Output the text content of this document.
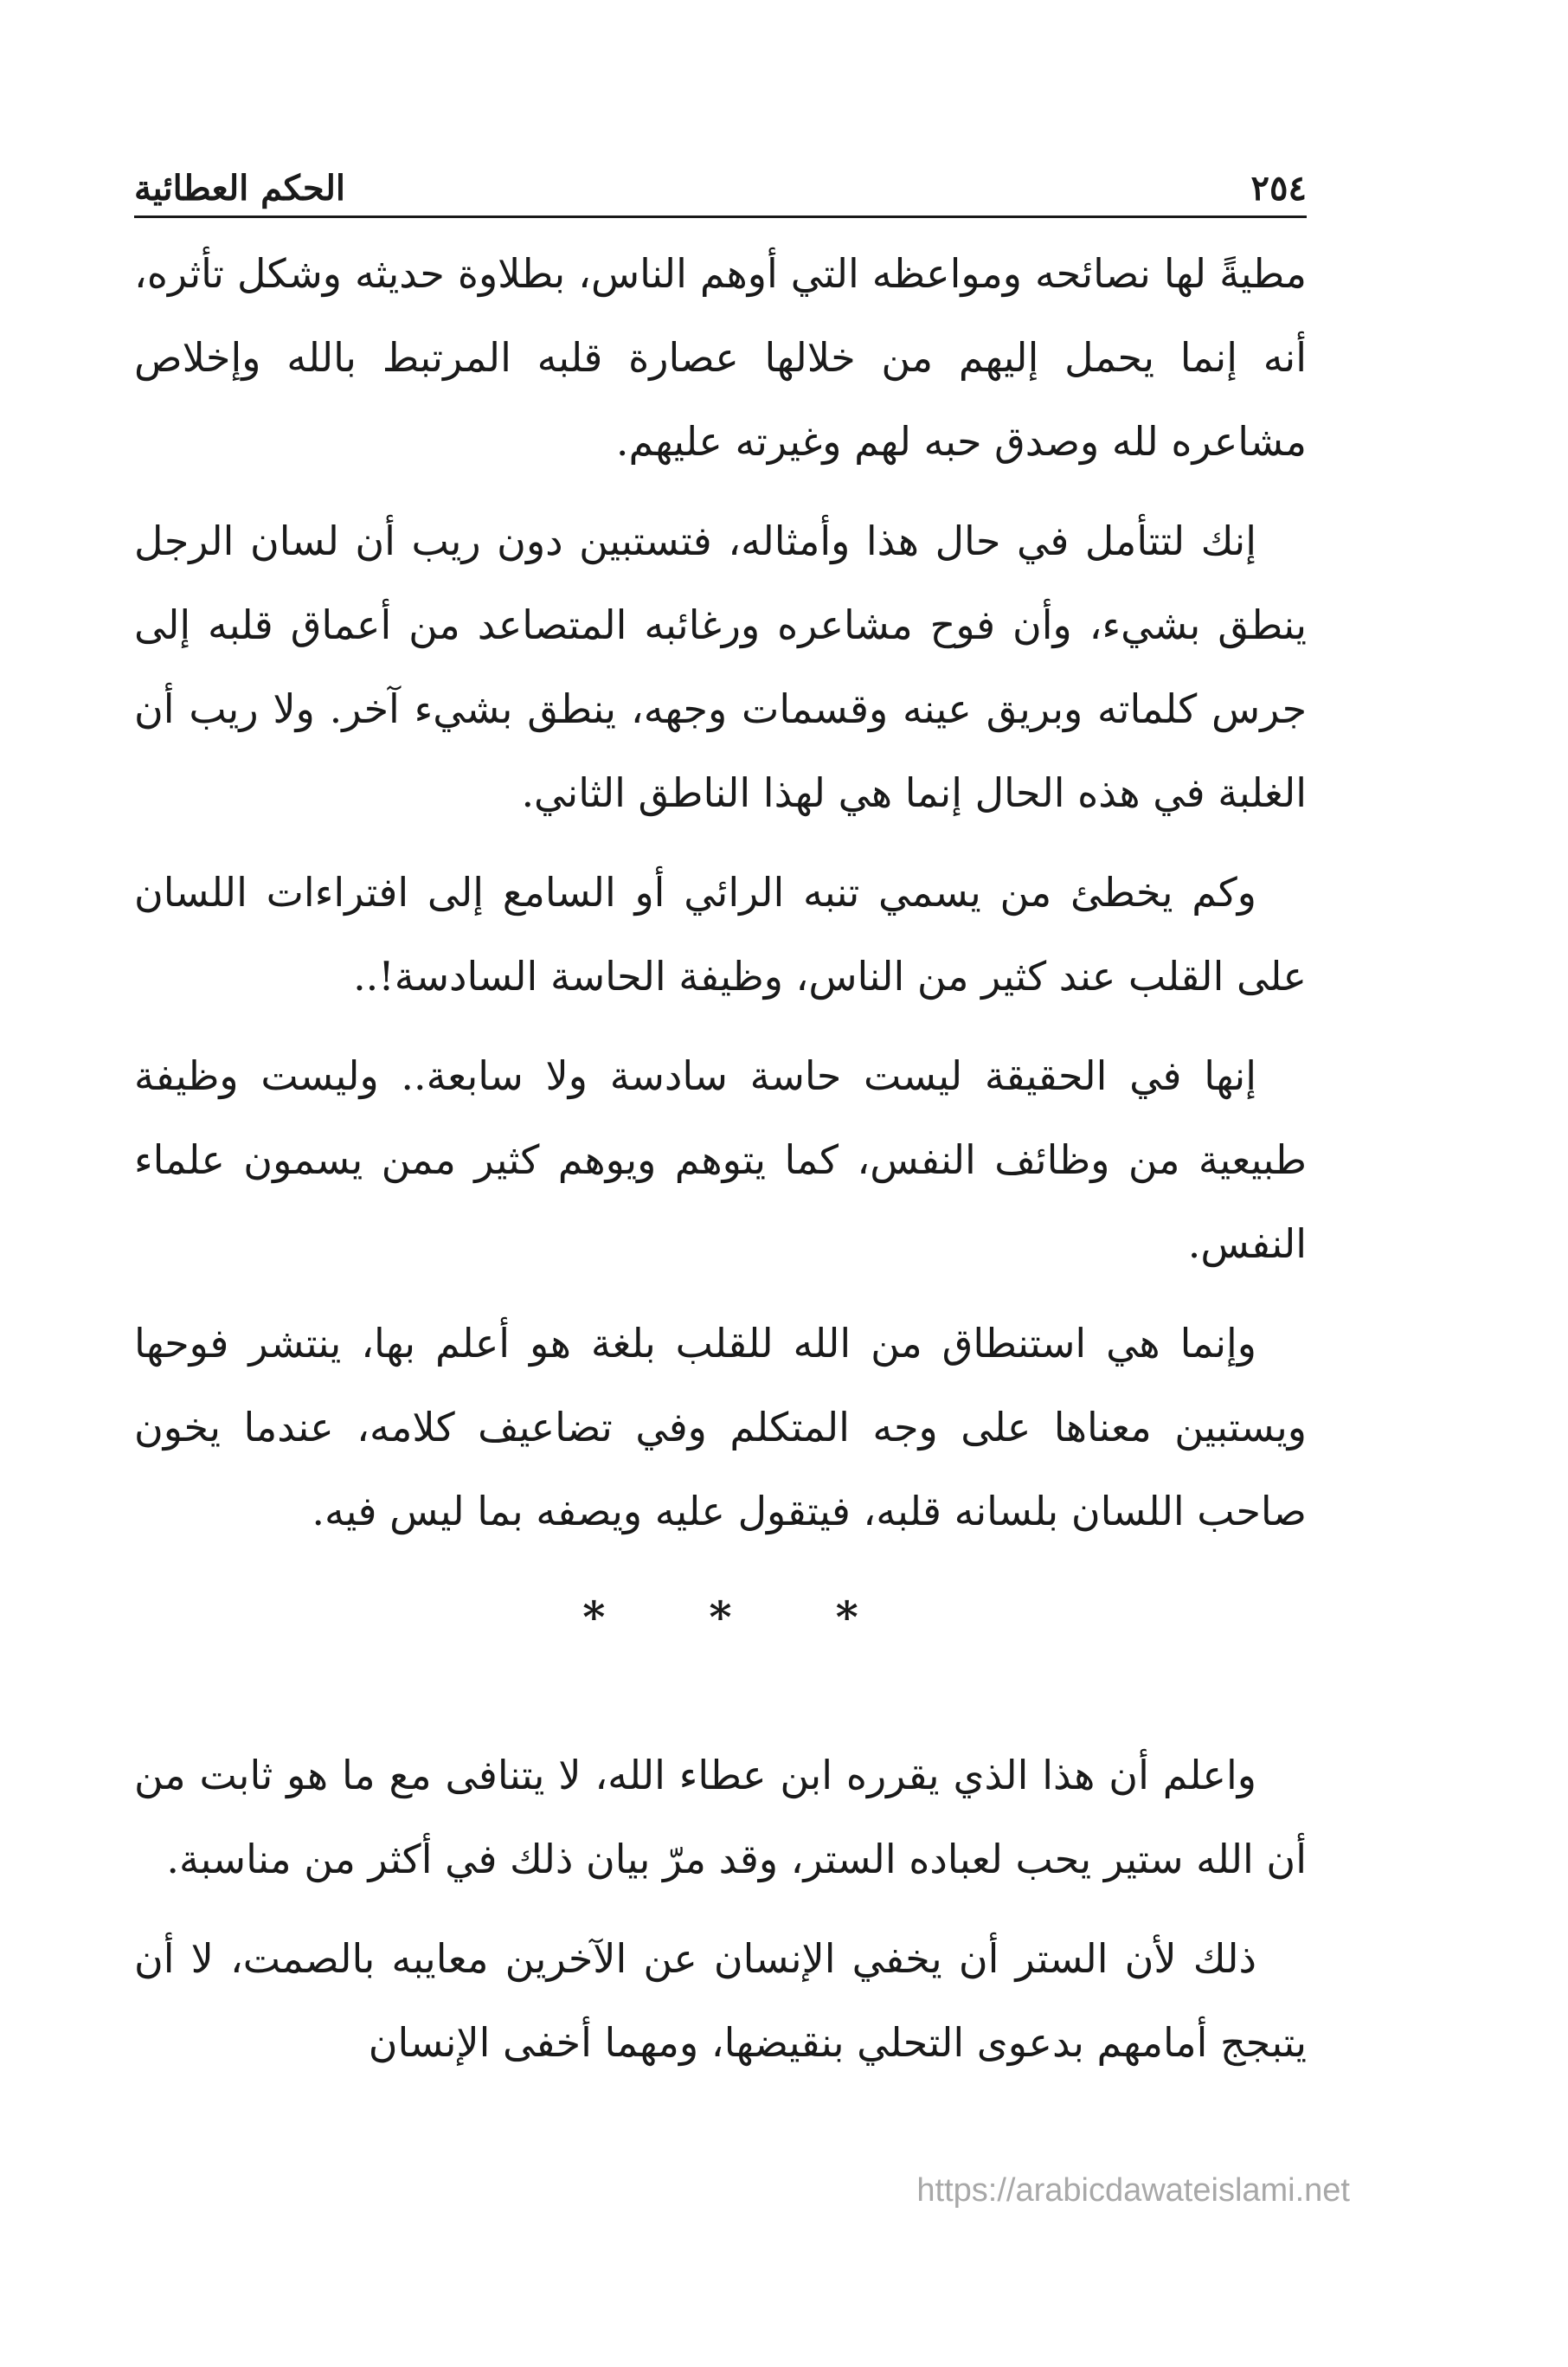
٢٥٤
الحكم العطائية

مطيةً لها نصائحه ومواعظه التي أوهم الناس، بطلاوة حديثه وشكل تأثره، أنه إنما يحمل إليهم من خلالها عصارة قلبه المرتبط بالله وإخلاص مشاعره لله وصدق حبه لهم وغيرته عليهم.

إنك لتتأمل في حال هذا وأمثاله، فتستبين دون ريب أن لسان الرجل ينطق بشيء، وأن فوح مشاعره ورغائبه المتصاعد من أعماق قلبه إلى جرس كلماته وبريق عينه وقسمات وجهه، ينطق بشيء آخر. ولا ريب أن الغلبة في هذه الحال إنما هي لهذا الناطق الثاني.

وكم يخطئ من يسمي تنبه الرائي أو السامع إلى افتراءات اللسان على القلب عند كثير من الناس، وظيفة الحاسة السادسة!..

إنها في الحقيقة ليست حاسة سادسة ولا سابعة.. وليست وظيفة طبيعية من وظائف النفس، كما يتوهم ويوهم كثير ممن يسمون علماء النفس.

وإنما هي استنطاق من الله للقلب بلغة هو أعلم بها، ينتشر فوحها ويستبين معناها على وجه المتكلم وفي تضاعيف كلامه، عندما يخون صاحب اللسان بلسانه قلبه، فيتقول عليه ويصفه بما ليس فيه.

* * *

واعلم أن هذا الذي يقرره ابن عطاء الله، لا يتنافى مع ما هو ثابت من أن الله ستير يحب لعباده الستر، وقد مرّ بيان ذلك في أكثر من مناسبة.

ذلك لأن الستر أن يخفي الإنسان عن الآخرين معايبه بالصمت، لا أن يتبجج أمامهم بدعوى التحلي بنقيضها، ومهما أخفى الإنسان

https://arabicdawateislami.net
